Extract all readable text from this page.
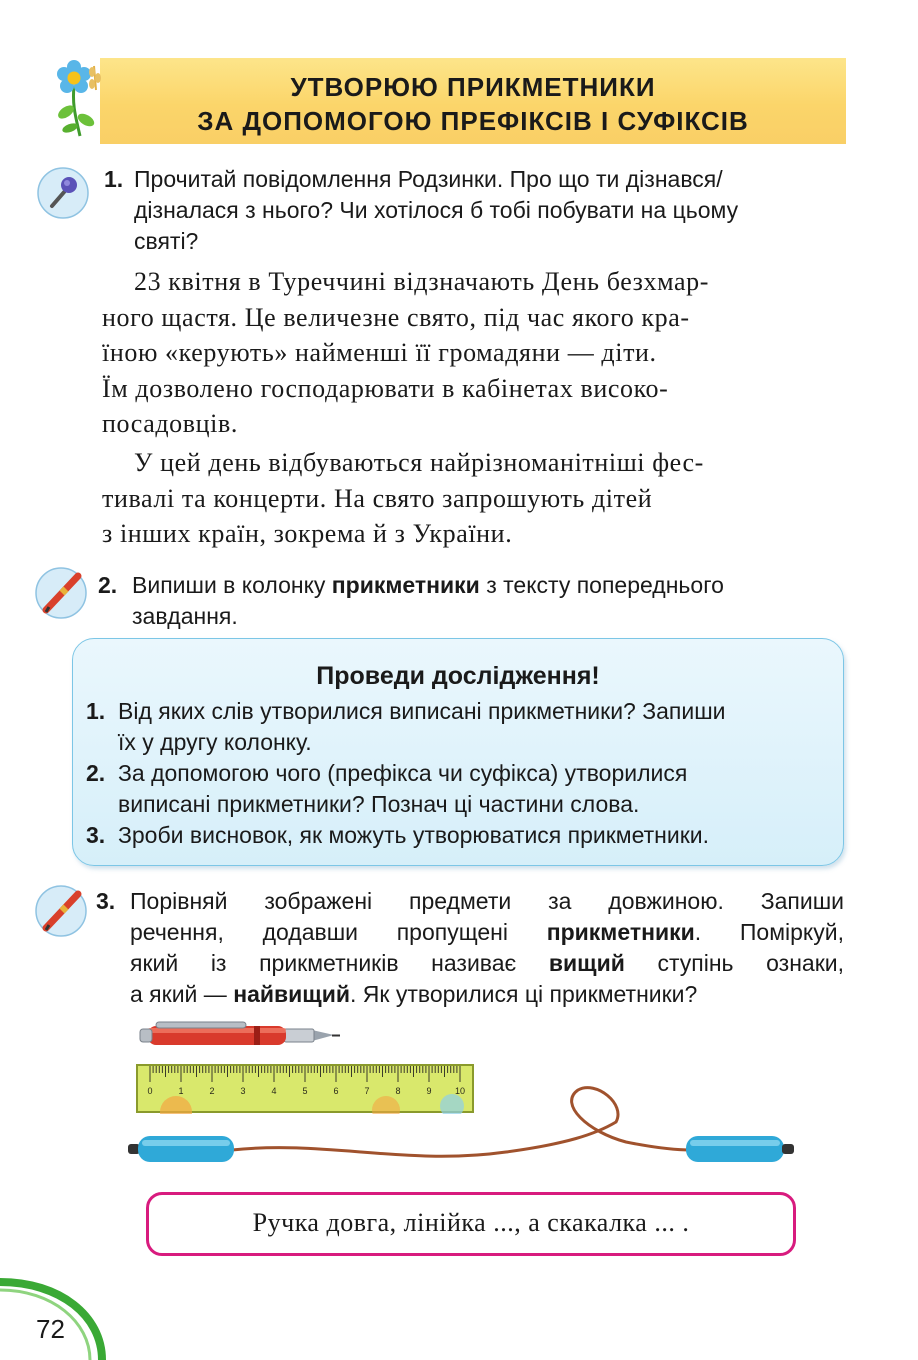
УТВОРЮЮ ПРИКМЕТНИКИ
ЗА ДОПОМОГОЮ ПРЕФІКСІВ І СУФІКСІВ
1. Прочитай повідомлення Родзинки. Про що ти дізнався/
дізналася з нього? Чи хотілося б тобі побувати на цьому
святі?
23 квітня в Туреччині відзначають День безхмар-
ного щастя. Це величезне свято, під час якого кра-
їною «керують» найменші її громадяни — діти.
Їм дозволено господарювати в кабінетах високо-
посадовців.
У цей день відбуваються найрізноманітніші фес-
тивалі та концерти. На свято запрошують дітей
з інших країн, зокрема й з України.
2. Випиши в колонку прикметники з тексту попереднього
завдання.
Проведи дослідження!
1. Від яких слів утворилися виписані прикметники? Запиши
їх у другу колонку.
2. За допомогою чого (префікса чи суфікса) утворилися
виписані прикметники? Познач ці частини слова.
3. Зроби висновок, як можуть утворюватися прикметники.
3. Порівняй зображені предмети за довжиною. Запиши
речення, додавши пропущені прикметники. Поміркуй,
який із прикметників називає вищий ступінь ознаки,
а який — найвищий. Як утворилися ці прикметники?
0	1	2	3	4	5	6	7	8	9	10
Ручка довга, лінійка ..., а скакалка ... .
72
